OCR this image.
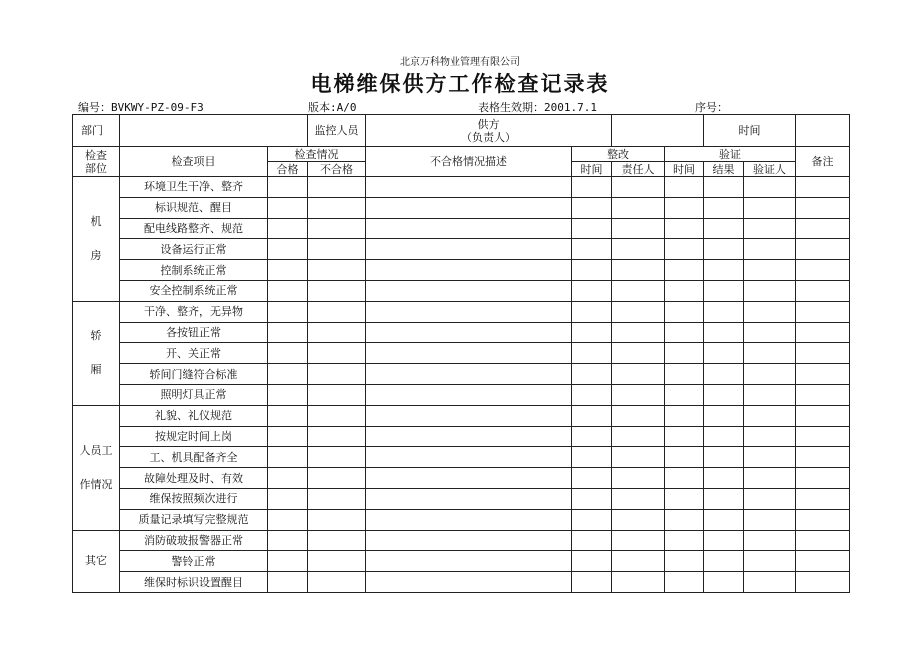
北京万科物业管理有限公司
电梯维保供方工作检查记录表
编号：BVKWY-PZ-09-F3	版本:A/0	表格生效期：2001.7.1	序号：
部门			监控人员	供方
（负责人）				时间		

检查
部位	检查项目	检查情况		不合格情况描述	整改		验证			备注
		合格	不合格		时间	责任人	时间	结果	验证人	

机
房	环境卫生干净、整齐									
	标识规范、醒目									
	配电线路整齐、规范									
	设备运行正常									
	控制系统正常									
	安全控制系统正常									

轿
厢	干净、整齐，无异物									
	各按钮正常									
	开、关正常									
	轿间门缝符合标准									
	照明灯具正常									

人员工
作情况	礼貌、礼仪规范									
	按规定时间上岗									
	工、机具配备齐全									
	故障处理及时、有效									
	维保按照频次进行									
	质量记录填写完整规范									

其它	消防破玻报警器正常									
	警铃正常									
	维保时标识设置醒目									
